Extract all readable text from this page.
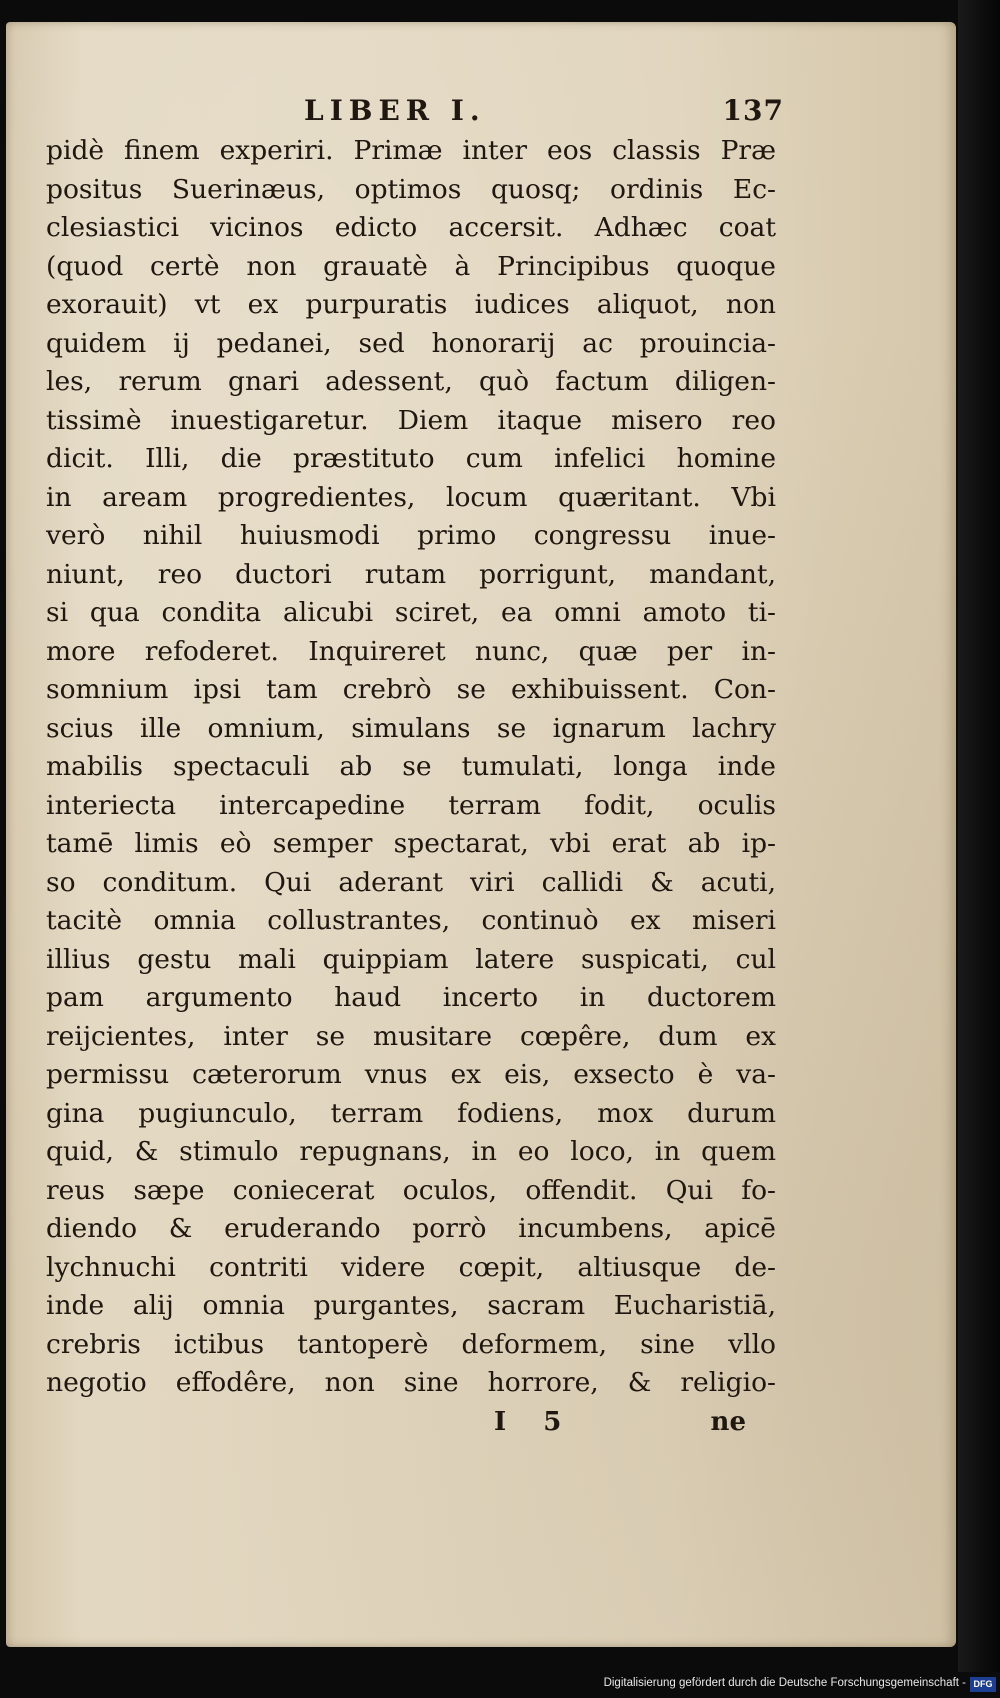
LIBER I.	137
pidè finem experiri. Primæ inter eos classis Præ
positus Suerinæus, optimos quosq; ordinis Ec-
clesiastici vicinos edicto accersit. Adhæc coat
(quod certè non grauatè à Principibus quoque
exorauit) vt ex purpuratis iudices aliquot, non
quidem ij pedanei, sed honorarij ac prouincia-
les, rerum gnari adessent, quò factum diligen-
tissimè inuestigaretur. Diem itaque misero reo
dicit. Illi, die præstituto cum infelici homine
in aream progredientes, locum quæritant. Vbi
verò nihil huiusmodi primo congressu inue-
niunt, reo ductori rutam porrigunt, mandant,
si qua condita alicubi sciret, ea omni amoto ti-
more refoderet. Inquireret nunc, quæ per in-
somnium ipsi tam crebrò se exhibuissent. Con-
scius ille omnium, simulans se ignarum lachry
mabilis spectaculi ab se tumulati, longa inde
interiecta intercapedine terram fodit, oculis
tamē limis eò semper spectarat, vbi erat ab ip-
so conditum. Qui aderant viri callidi & acuti,
tacitè omnia collustrantes, continuò ex miseri
illius gestu mali quippiam latere suspicati, cul
pam argumento haud incerto in ductorem
reijcientes, inter se musitare cœpêre, dum ex
permissu cæterorum vnus ex eis, exsecto è va-
gina pugiunculo, terram fodiens, mox durum
quid, & stimulo repugnans, in eo loco, in quem
reus sæpe coniecerat oculos, offendit. Qui fo-
diendo & eruderando porrò incumbens, apicē
lychnuchi contriti videre cœpit, altiusque de-
inde alij omnia purgantes, sacram Eucharistiā,
crebris ictibus tantoperè deformem, sine vllo
negotio effodêre, non sine horrore, & religio-
I 5	ne
Digitalisierung gefördert durch die Deutsche Forschungsgemeinschaft - DFG
